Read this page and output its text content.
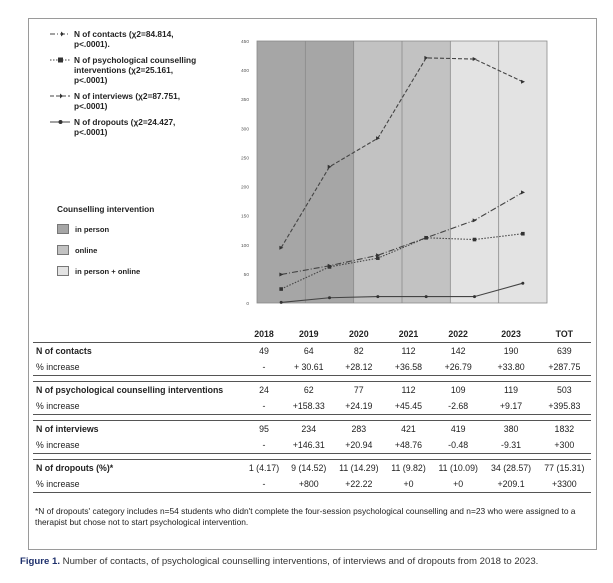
N of contacts (χ2=84.814,
p<.0001).
N of psychological counselling
interventions (χ2=25.161,
p<.0001)
N of interviews (χ2=87.751,
p<.0001)
N of dropouts (χ2=24.427,
p<.0001)
Counselling intervention
in person
online
in person + online
0
50
100
150
200
250
300
350
400
450
	2018	2019	2020	2021	2022	2023	TOT
N of contacts	49	64	82	112	142	190	639
% increase	-	+ 30.61	+28.12	+36.58	+26.79	+33.80	+287.75

N of psychological counselling interventions	24	62	77	112	109	119	503
% increase	-	+158.33	+24.19	+45.45	-2.68	+9.17	+395.83

N of interviews	95	234	283	421	419	380	1832
% increase	-	+146.31	+20.94	+48.76	-0.48	-9.31	+300

N of dropouts (%)*	1 (4.17)	9 (14.52)	11 (14.29)	11 (9.82)	11 (10.09)	34 (28.57)	77 (15.31)
% increase	-	+800	+22.22	+0	+0	+209.1	+3300
*N of dropouts' category includes n=54 students who didn't complete the four-session psychological counselling and n=23 who were assigned to a therapist but chose not to start psychological intervention.
Figure 1. Number of contacts, of psychological counselling interventions, of interviews and of dropouts from 2018 to 2023.
